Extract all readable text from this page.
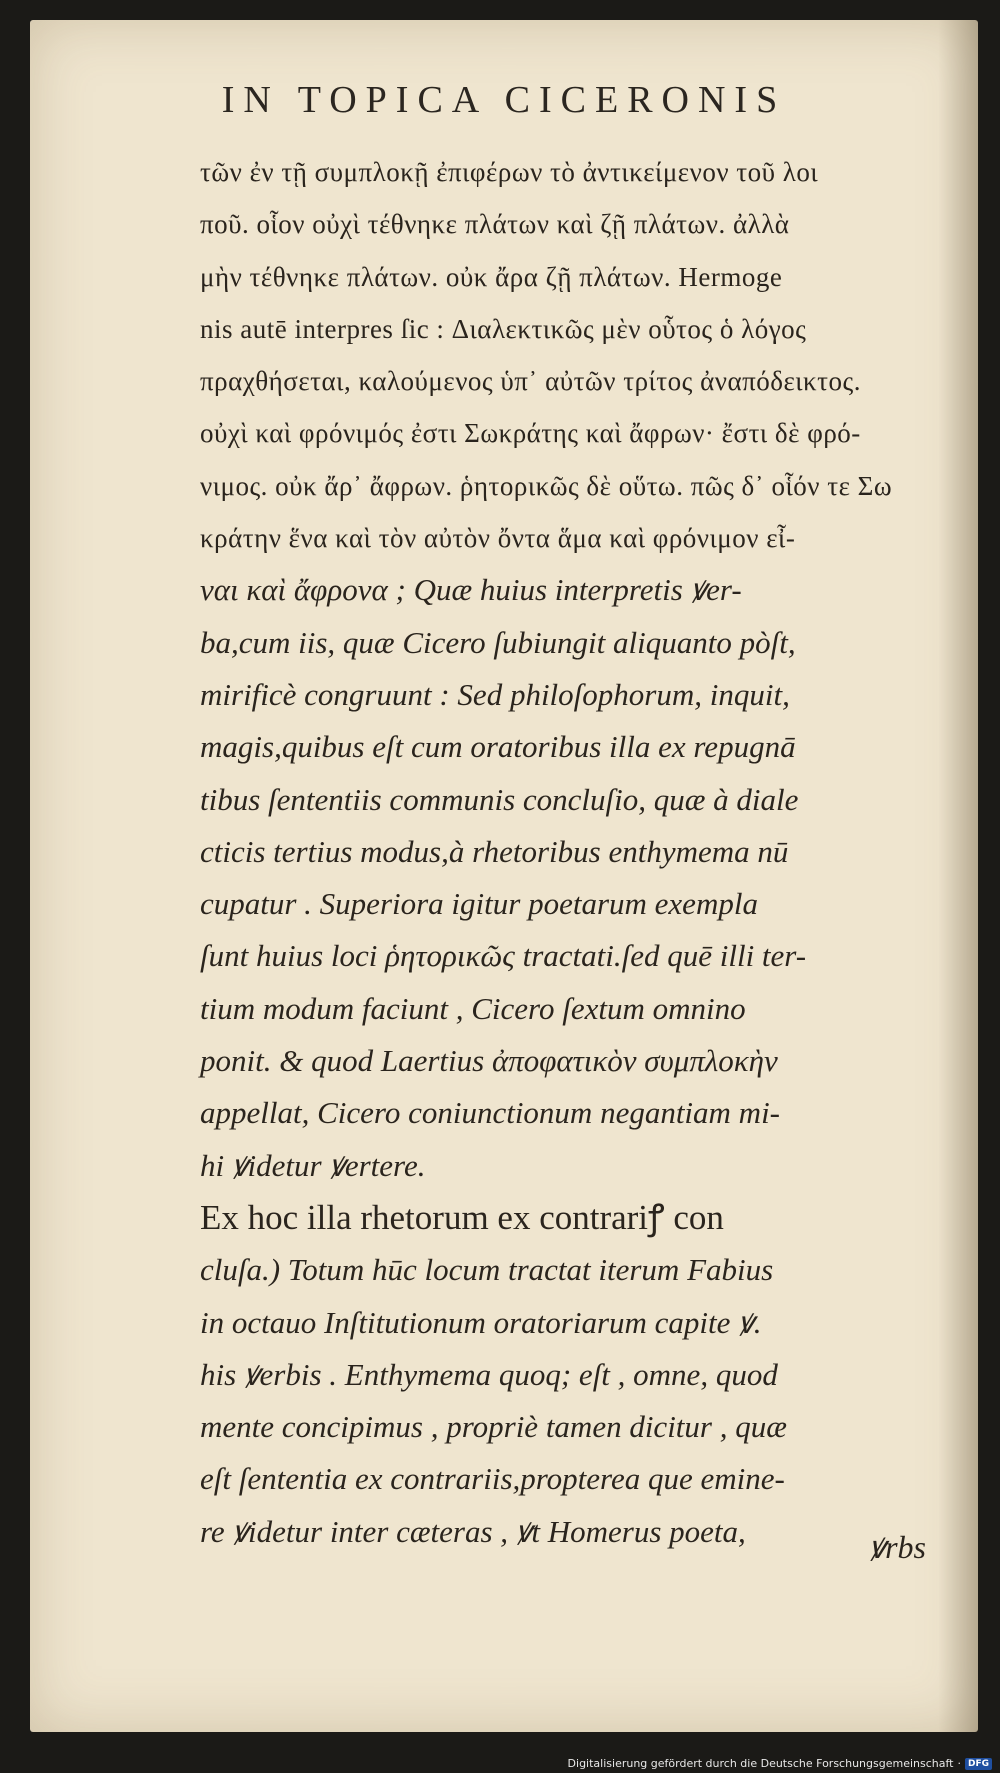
IN TOPICA CICERONIS
τῶν ἐν τῇ συμπλοκῇ ἐπιφέρων τὸ ἀντικείμενον τοῦ λοι
ποῦ. οἷον οὐχὶ τέθνηκε πλάτων καὶ ζῇ πλάτων. ἀλλὰ
μὴν τέθνηκε πλάτων. οὐκ ἄρα ζῇ πλάτων. Hermoge
nis autē interpres ſic : Διαλεκτικῶς μὲν οὗτος ὁ λόγος
πραχθήσεται, καλούμενος ὑπ᾽ αὐτῶν τρίτος ἀναπόδεικτος.
οὐχὶ καὶ φρόνιμός ἐστι Σωκράτης καὶ ἄφρων· ἔστι δὲ φρό-
νιμος. οὐκ ἄρ᾽ ἄφρων. ῥητορικῶς δὲ οὕτω. πῶς δ᾽ οἷόν τε Σω
κράτην ἕνα καὶ τὸν αὐτὸν ὄντα ἅμα καὶ φρόνιμον εἶ-
ναι καὶ ἄφρονα ; Quæ huius interpretis ꝟer-
ba,cum iis, quæ Cicero ſubiungit aliquanto pòſt,
mirificè congruunt : Sed philoſophorum, inquit,
magis,quibus eſt cum oratoribus illa ex repugnā
tibus ſententiis communis concluſio, quæ à diale
cticis tertius modus,à rhetoribus enthymema nū
cupatur . Superiora igitur poetarum exempla
ſunt huius loci ῥητορικῶς tractati.ſed quē illi ter-
tium modum faciunt , Cicero ſextum omnino
ponit. & quod Laertius ἀποφατικὸν συμπλοκὴν
appellat, Cicero coniunctionum negantiam mi-
hi ꝟidetur ꝟertere.
Ex hoc illa rhetorum ex contrariꝭ con
cluſa.) Totum hūc locum tractat iterum Fabius
in octauo Inſtitutionum oratoriarum capite ꝟ.
his ꝟerbis . Enthymema quoq; eſt , omne, quod
mente concipimus , propriè tamen dicitur , quæ
eſt ſententia ex contrariis,propterea que emine-
re ꝟidetur inter cæteras , ꝟt Homerus poeta,	ꝟrbs
Digitalisierung gefördert durch die Deutsche Forschungsgemeinschaft · DFG
